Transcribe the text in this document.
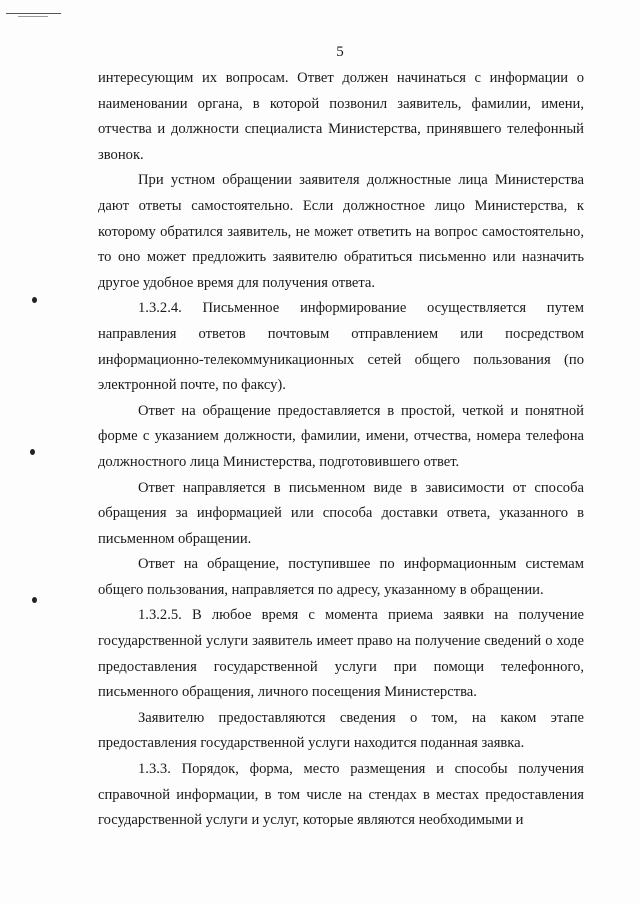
5

интересующим их вопросам. Ответ должен начинаться с информации о наименовании органа, в которой позвонил заявитель, фамилии, имени, отчества и должности специалиста Министерства, принявшего телефонный звонок.

При устном обращении заявителя должностные лица Министерства дают ответы самостоятельно. Если должностное лицо Министерства, к которому обратился заявитель, не может ответить на вопрос самостоятельно, то оно может предложить заявителю обратиться письменно или назначить другое удобное время для получения ответа.

1.3.2.4. Письменное информирование осуществляется путем направления ответов почтовым отправлением или посредством информационно-телекоммуникационных сетей общего пользования (по электронной почте, по факсу).

Ответ на обращение предоставляется в простой, четкой и понятной форме с указанием должности, фамилии, имени, отчества, номера телефона должностного лица Министерства, подготовившего ответ.

Ответ направляется в письменном виде в зависимости от способа обращения за информацией или способа доставки ответа, указанного в письменном обращении.

Ответ на обращение, поступившее по информационным системам общего пользования, направляется по адресу, указанному в обращении.

1.3.2.5. В любое время с момента приема заявки на получение государственной услуги заявитель имеет право на получение сведений о ходе предоставления государственной услуги при помощи телефонного, письменного обращения, личного посещения Министерства.

Заявителю предоставляются сведения о том, на каком этапе предоставления государственной услуги находится поданная заявка.

1.3.3. Порядок, форма, место размещения и способы получения справочной информации, в том числе на стендах в местах предоставления государственной услуги и услуг, которые являются необходимыми и
